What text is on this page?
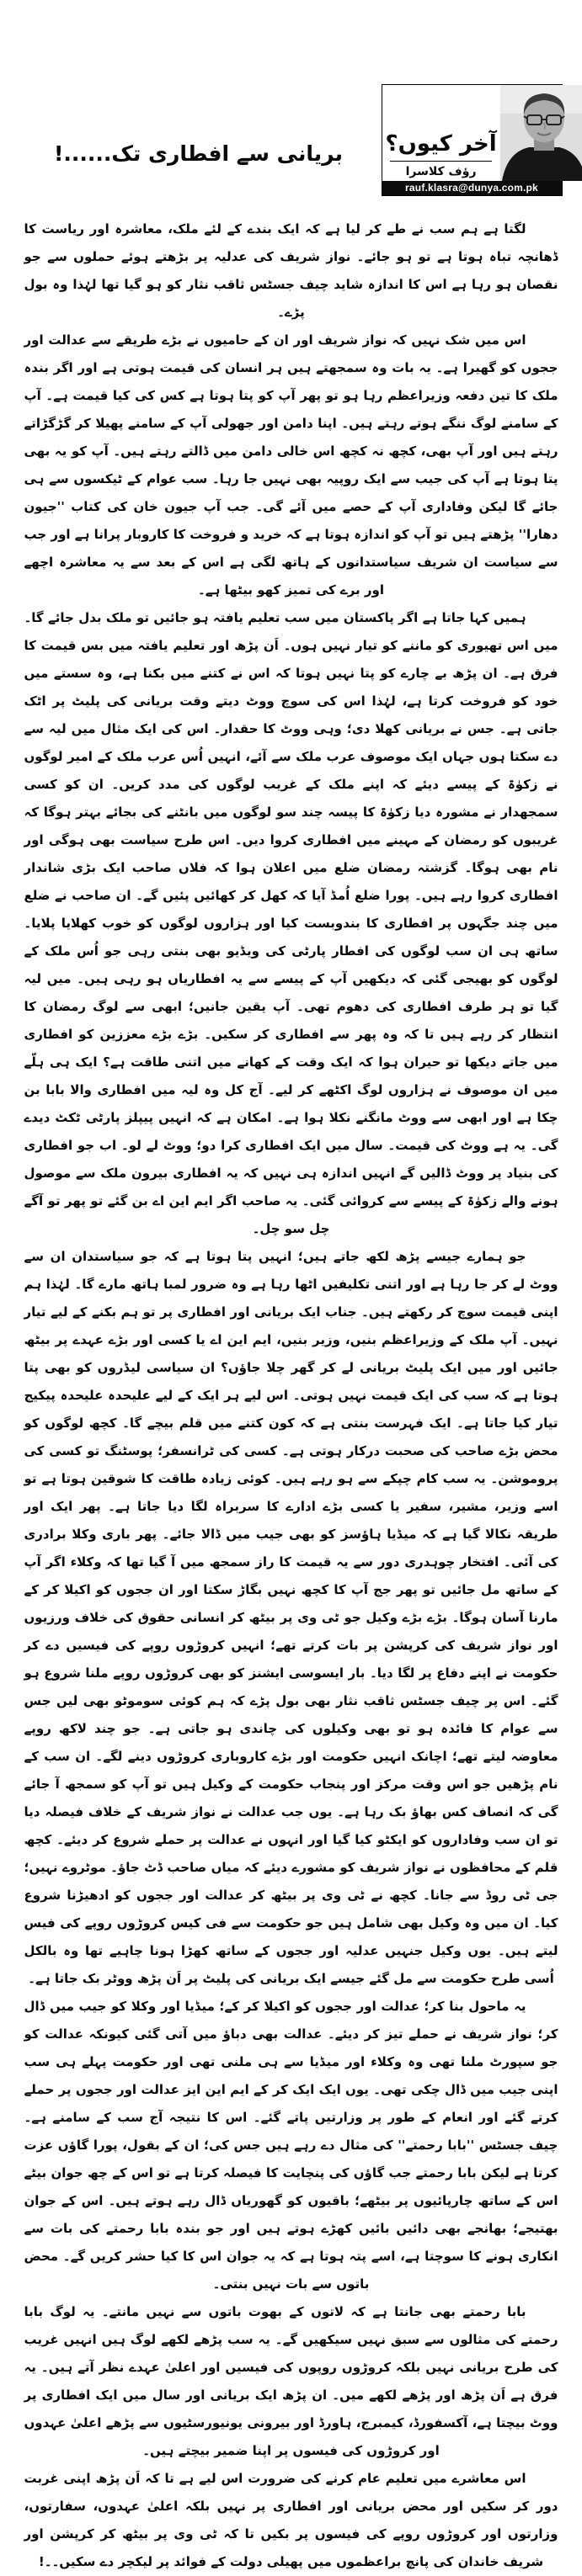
بریانی سے افطاری تک......!	آخر کیوں؟
رؤف کلاسرا
rauf.klasra@dunya.com.pk

لگتا ہے ہم سب نے طے کر لیا ہے کہ ایک بندے کے لئے ملک، معاشرہ اور ریاست کا ڈھانچہ تباہ ہوتا ہے تو ہو جائے۔ نواز شریف کی عدلیہ پر بڑھتے ہوئے حملوں سے جو نقصان ہو رہا ہے اس کا اندازہ شاید چیف جسٹس ثاقب نثار کو ہو گیا تھا لہٰذا وہ بول پڑے۔

اس میں شک نہیں کہ نواز شریف اور ان کے حامیوں نے بڑے طریقے سے عدالت اور ججوں کو گھیرا ہے۔ یہ بات وہ سمجھتے ہیں ہر انسان کی قیمت ہوتی ہے اور اگر بندہ ملک کا تین دفعہ وزیراعظم رہا ہو تو پھر آپ کو پتا ہوتا ہے کس کی کیا قیمت ہے۔ آپ کے سامنے لوگ ننگے ہوتے رہتے ہیں۔ اپنا دامن اور جھولی آپ کے سامنے پھیلا کر گڑگڑاتے رہتے ہیں اور آپ بھی، کچھ نہ کچھ اس خالی دامن میں ڈالتے رہتے ہیں۔ آپ کو یہ بھی پتا ہوتا ہے آپ کی جیب سے ایک روپیہ بھی نہیں جا رہا۔ سب عوام کے ٹیکسوں سے ہی جائے گا لیکن وفاداری آپ کے حصے میں آئے گی۔ جب آپ جیون خان کی کتاب ''جیون دھارا'' پڑھتے ہیں تو آپ کو اندازہ ہوتا ہے کہ خرید و فروخت کا کاروبار پرانا ہے اور جب سے سیاست ان شریف سیاستدانوں کے ہاتھ لگی ہے اس کے بعد سے یہ معاشرہ اچھے اور برے کی تمیز کھو بیٹھا ہے۔

ہمیں کہا جاتا ہے اگر پاکستان میں سب تعلیم یافتہ ہو جائیں تو ملک بدل جائے گا۔ میں اس تھیوری کو ماننے کو تیار نہیں ہوں۔ اَن پڑھ اور تعلیم یافتہ میں بس قیمت کا فرق ہے۔ ان پڑھ بے چارے کو پتا نہیں ہوتا کہ اس نے کتنے میں بکنا ہے، وہ سستے میں خود کو فروخت کرتا ہے، لہٰذا اس کی سوچ ووٹ دیتے وقت بریانی کی پلیٹ پر اٹک جاتی ہے۔ جس نے بریانی کھلا دی؛ وہی ووٹ کا حقدار۔ اس کی ایک مثال میں لیہ سے دے سکتا ہوں جہاں ایک موصوف عرب ملک سے آئے، انہیں اُس عرب ملک کے امیر لوگوں نے زکوٰۃ کے پیسے دیئے کہ اپنے ملک کے غریب لوگوں کی مدد کریں۔ ان کو کسی سمجھدار نے مشورہ دیا زکوٰۃ کا پیسہ چند سو لوگوں میں بانٹنے کی بجائے بہتر ہوگا کہ غریبوں کو رمضان کے مہینے میں افطاری کروا دیں۔ اس طرح سیاست بھی ہوگی اور نام بھی ہوگا۔ گزشتہ رمضان ضلع میں اعلان ہوا کہ فلاں صاحب ایک بڑی شاندار افطاری کروا رہے ہیں۔ پورا ضلع اُمڈ آیا کہ کھل کر کھائیں پئیں گے۔ ان صاحب نے ضلع میں چند جگہوں پر افطاری کا بندوبست کیا اور ہزاروں لوگوں کو خوب کھلایا پلایا۔ ساتھ ہی ان سب لوگوں کی افطار پارٹی کی ویڈیو بھی بنتی رہی جو اُس ملک کے لوگوں کو بھیجی گئی کہ دیکھیں آپ کے پیسے سے یہ افطاریاں ہو رہی ہیں۔ میں لیہ گیا تو ہر طرف افطاری کی دھوم تھی۔ آپ یقین جانیں؛ ابھی سے لوگ رمضان کا انتظار کر رہے ہیں تا کہ وہ پھر سے افطاری کر سکیں۔ بڑے بڑے معززین کو افطاری میں جاتے دیکھا تو حیران ہوا کہ ایک وقت کے کھانے میں اتنی طاقت ہے؟ ایک ہی ہلّے میں ان موصوف نے ہزاروں لوگ اکٹھے کر لیے۔ آج کل وہ لیہ میں افطاری والا بابا بن چکا ہے اور ابھی سے ووٹ مانگنے نکلا ہوا ہے۔ امکان ہے کہ انہیں پیپلز پارٹی ٹکٹ دیدے گی۔ یہ ہے ووٹ کی قیمت۔ سال میں ایک افطاری کرا دو؛ ووٹ لے لو۔ اب جو افطاری کی بنیاد پر ووٹ ڈالیں گے انہیں اندازہ ہی نہیں کہ یہ افطاری بیرون ملک سے موصول ہونے والے زکوٰۃ کے پیسے سے کروائی گئی۔ یہ صاحب اگر ایم این اے بن گئے تو پھر تو آگے چل سو چل۔

جو ہمارے جیسے پڑھ لکھ جاتے ہیں؛ انہیں پتا ہوتا ہے کہ جو سیاستدان ان سے ووٹ لے کر جا رہا ہے اور اتنی تکلیفیں اٹھا رہا ہے وہ ضرور لمبا ہاتھ مارے گا۔ لہٰذا ہم اپنی قیمت سوچ کر رکھتے ہیں۔ جناب ایک بریانی اور افطاری پر تو ہم بکنے کے لیے تیار نہیں۔ آپ ملک کے وزیراعظم بنیں، وزیر بنیں، ایم این اے یا کسی اور بڑے عہدے پر بیٹھ جائیں اور میں ایک پلیٹ بریانی لے کر گھر چلا جاؤں؟ ان سیاسی لیڈروں کو بھی پتا ہوتا ہے کہ سب کی ایک قیمت نہیں ہوتی۔ اس لیے ہر ایک کے لیے علیحدہ علیحدہ پیکیج تیار کیا جاتا ہے۔ ایک فہرست بنتی ہے کہ کون کتنے میں قلم بیچے گا۔ کچھ لوگوں کو محض بڑے صاحب کی صحبت درکار ہوتی ہے۔ کسی کی ٹرانسفر؛ پوسٹنگ تو کسی کی پروموشن۔ یہ سب کام چپکے سے ہو رہے ہیں۔ کوئی زیادہ طاقت کا شوقین ہوتا ہے تو اسے وزیر، مشیر، سفیر یا کسی بڑے ادارے کا سربراہ لگا دیا جاتا ہے۔ پھر ایک اور طریقہ نکالا گیا ہے کہ میڈیا ہاؤسز کو بھی جیب میں ڈالا جائے۔ پھر باری وکلا برادری کی آئی۔ افتخار چوہدری دور سے یہ قیمت کا راز سمجھ میں آ گیا تھا کہ وکلاء اگر آپ کے ساتھ مل جائیں تو پھر جج آپ کا کچھ نہیں بگاڑ سکتا اور ان ججوں کو اکیلا کر کے مارنا آسان ہوگا۔ بڑے بڑے وکیل جو ٹی وی پر بیٹھ کر انسانی حقوق کی خلاف ورزیوں اور نواز شریف کی کرپشن پر بات کرتے تھے؛ انہیں کروڑوں روپے کی فیسیں دے کر حکومت نے اپنے دفاع پر لگا دیا۔ بار ایسوسی ایشنز کو بھی کروڑوں روپے ملنا شروع ہو گئے۔ اس پر چیف جسٹس ثاقب نثار بھی بول پڑے کہ ہم کوئی سوموٹو بھی لیں جس سے عوام کا فائدہ ہو تو بھی وکیلوں کی چاندی ہو جاتی ہے۔ جو چند لاکھ روپے معاوضہ لیتے تھے؛ اچانک انہیں حکومت اور بڑے کاروباری کروڑوں دینے لگے۔ ان سب کے نام پڑھیں جو اس وقت مرکز اور پنجاب حکومت کے وکیل ہیں تو آپ کو سمجھ آ جائے گی کہ انصاف کس بھاؤ بک رہا ہے۔ یوں جب عدالت نے نواز شریف کے خلاف فیصلہ دیا تو ان سب وفاداروں کو ایکٹو کیا گیا اور انہوں نے عدالت پر حملے شروع کر دیئے۔ کچھ قلم کے محافظوں نے نواز شریف کو مشورے دیئے کہ میاں صاحب ڈٹ جاؤ۔ موٹروے نہیں؛ جی ٹی روڈ سے جانا۔ کچھ نے ٹی وی پر بیٹھ کر عدالت اور ججوں کو ادھیڑنا شروع کیا۔ ان میں وہ وکیل بھی شامل ہیں جو حکومت سے فی کیس کروڑوں روپے کی فیس لیتے ہیں۔ یوں وکیل جنہیں عدلیہ اور ججوں کے ساتھ کھڑا ہونا چاہیے تھا وہ بالکل اُسی طرح حکومت سے مل گئے جیسے ایک بریانی کی پلیٹ پر اَن پڑھ ووٹر بک جاتا ہے۔

یہ ماحول بنا کر؛ عدالت اور ججوں کو اکیلا کر کے؛ میڈیا اور وکلا کو جیب میں ڈال کر؛ نواز شریف نے حملے تیز کر دیئے۔ عدالت بھی دباؤ میں آتی گئی کیونکہ عدالت کو جو سپورٹ ملنا تھی وہ وکلاء اور میڈیا سے ہی ملنی تھی اور حکومت پہلے ہی سب اپنی جیب میں ڈال چکی تھی۔ یوں ایک ایک کر کے ایم این ایز عدالت اور ججوں پر حملے کرتے گئے اور انعام کے طور پر وزارتیں پاتے گئے۔ اس کا نتیجہ آج سب کے سامنے ہے۔ چیف جسٹس ''بابا رحمتے'' کی مثال دے رہے ہیں جس کی؛ ان کے بقول، پورا گاؤں عزت کرتا ہے لیکن بابا رحمتے جب گاؤں کی پنچایت کا فیصلہ کرتا ہے تو اس کے چھ جوان بیٹے اس کے ساتھ چارپائیوں پر بیٹھے؛ باقیوں کو گھوریاں ڈال رہے ہوتے ہیں۔ اس کے جوان بھتیجے؛ بھانجے بھی دائیں بائیں کھڑے ہوتے ہیں اور جو بندہ بابا رحمتے کی بات سے انکاری ہونے کا سوچتا ہے، اسے پتہ ہوتا ہے کہ یہ جوان اس کا کیا حشر کریں گے۔ محض باتوں سے بات نہیں بنتی۔

بابا رحمتے بھی جانتا ہے کہ لاتوں کے بھوت باتوں سے نہیں مانتے۔ یہ لوگ بابا رحمتے کی مثالوں سے سبق نہیں سیکھیں گے۔ یہ سب پڑھے لکھے لوگ ہیں انہیں غریب کی طرح بریانی نہیں بلکہ کروڑوں روپوں کی فیسیں اور اعلیٰ عہدے نظر آتے ہیں۔ یہ فرق ہے اَن پڑھ اور پڑھے لکھے میں۔ ان پڑھ ایک بریانی اور سال میں ایک افطاری پر ووٹ بیچتا ہے، آکسفورڈ، کیمبرج، ہاورڈ اور بیرونی یونیورسٹیوں سے پڑھے اعلیٰ عہدوں اور کروڑوں کی فیسوں پر اپنا ضمیر بیچتے ہیں۔

اس معاشرے میں تعلیم عام کرنے کی ضرورت اس لیے ہے تا کہ اَن پڑھ اپنی غربت دور کر سکیں اور محض بریانی اور افطاری پر نہیں بلکہ اعلیٰ عہدوں، سفارتوں، وزارتوں اور کروڑوں روپے کی فیسوں پر بکیں تا کہ ٹی وی پر بیٹھ کر کرپشن اور شریف خاندان کی پانچ براعظموں میں پھیلی دولت کے فوائد پر لیکچر دے سکیں۔۔!
